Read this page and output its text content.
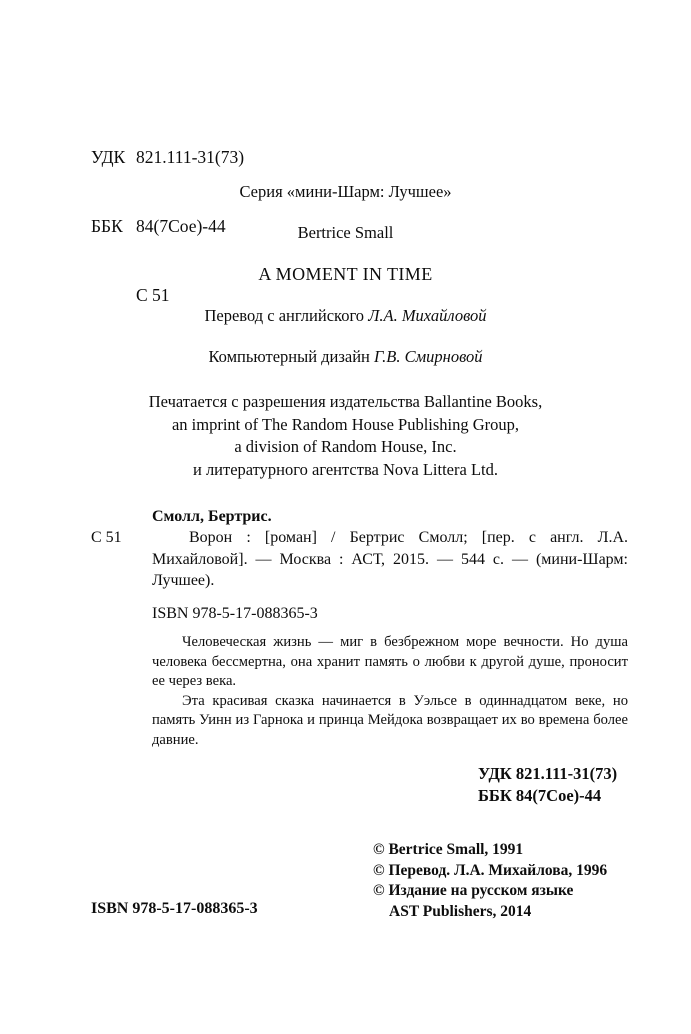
УДК 821.111-31(73)

ББК 84(7Сое)-44

С 51

Серия «мини-Шарм: Лучшее»
Bertrice Small
A MOMENT IN TIME
Перевод с английского Л.А. Михайловой
Компьютерный дизайн Г.В. Смирновой
Печатается с разрешения издательства Ballantine Books,
an imprint of The Random House Publishing Group,
a division of Random House, Inc.
и литературного агентства Nova Littera Ltd.
Смолл, Бертрис.
С 51	Ворон : [роман] / Бертрис Смолл; [пер. с англ. Л.А. Михайловой]. — Москва : АСТ, 2015. — 544 с. — (мини-Шарм: Лучшее).
ISBN 978-5-17-088365-3

Человеческая жизнь — миг в безбрежном море вечности. Но душа человека бессмертна, она хранит память о любви к другой душе, проносит ее через века.

Эта красивая сказка начинается в Уэльсе в одиннадцатом веке, но память Уинн из Гарнока и принца Мейдока возвращает их во времена более давние.

УДК 821.111-31(73)
ББК 84(7Сое)-44
© Bertrice Small, 1991
© Перевод. Л.А. Михайлова, 1996
© Издание на русском языке
AST Publishers, 2014
ISBN 978-5-17-088365-3
